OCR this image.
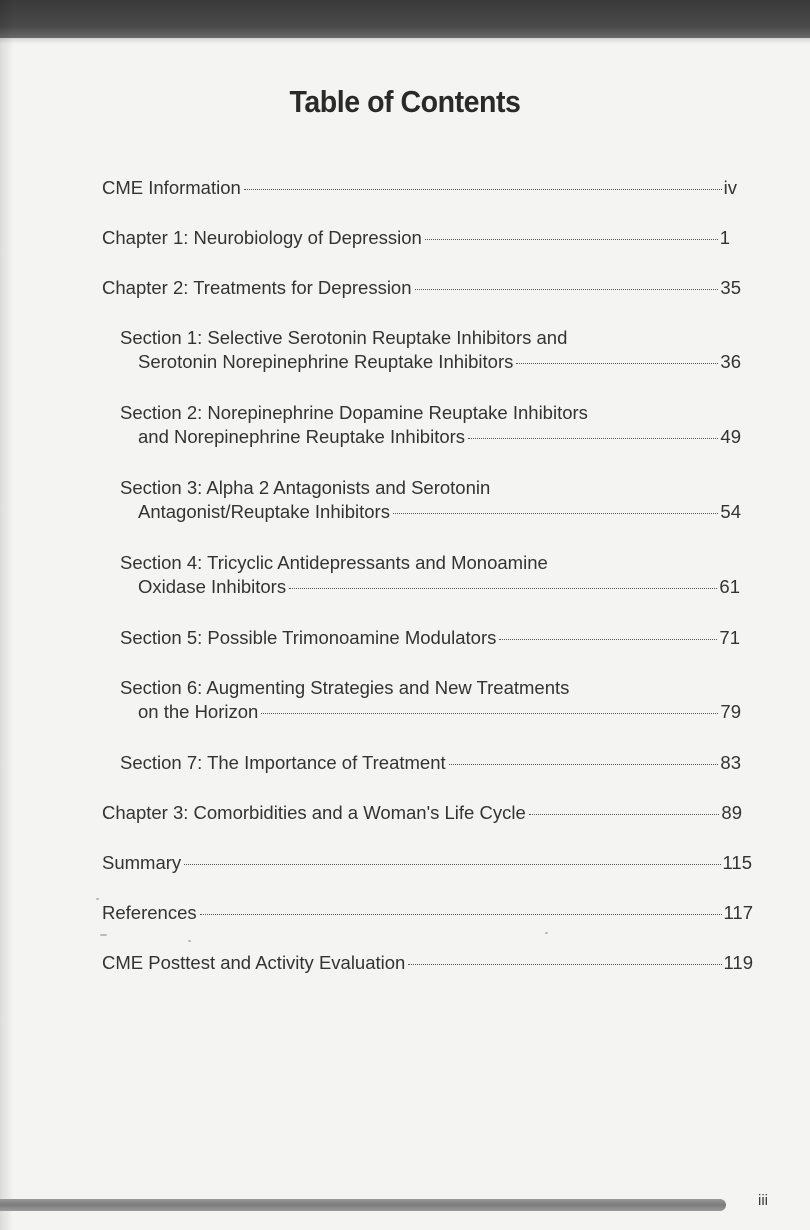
Table of Contents
CME Information	iv
Chapter 1: Neurobiology of Depression	1
Chapter 2: Treatments for Depression	35
Section 1: Selective Serotonin Reuptake Inhibitors and
Serotonin Norepinephrine Reuptake Inhibitors	36
Section 2: Norepinephrine Dopamine Reuptake Inhibitors
and Norepinephrine Reuptake Inhibitors	49
Section 3: Alpha 2 Antagonists and Serotonin
Antagonist/Reuptake Inhibitors	54
Section 4: Tricyclic Antidepressants and Monoamine
Oxidase Inhibitors	61
Section 5: Possible Trimonoamine Modulators	71
Section 6: Augmenting Strategies and New Treatments
on the Horizon	79
Section 7: The Importance of Treatment	83
Chapter 3: Comorbidities and a Woman's Life Cycle	89
Summary	115
References	117
CME Posttest and Activity Evaluation	119
iii
